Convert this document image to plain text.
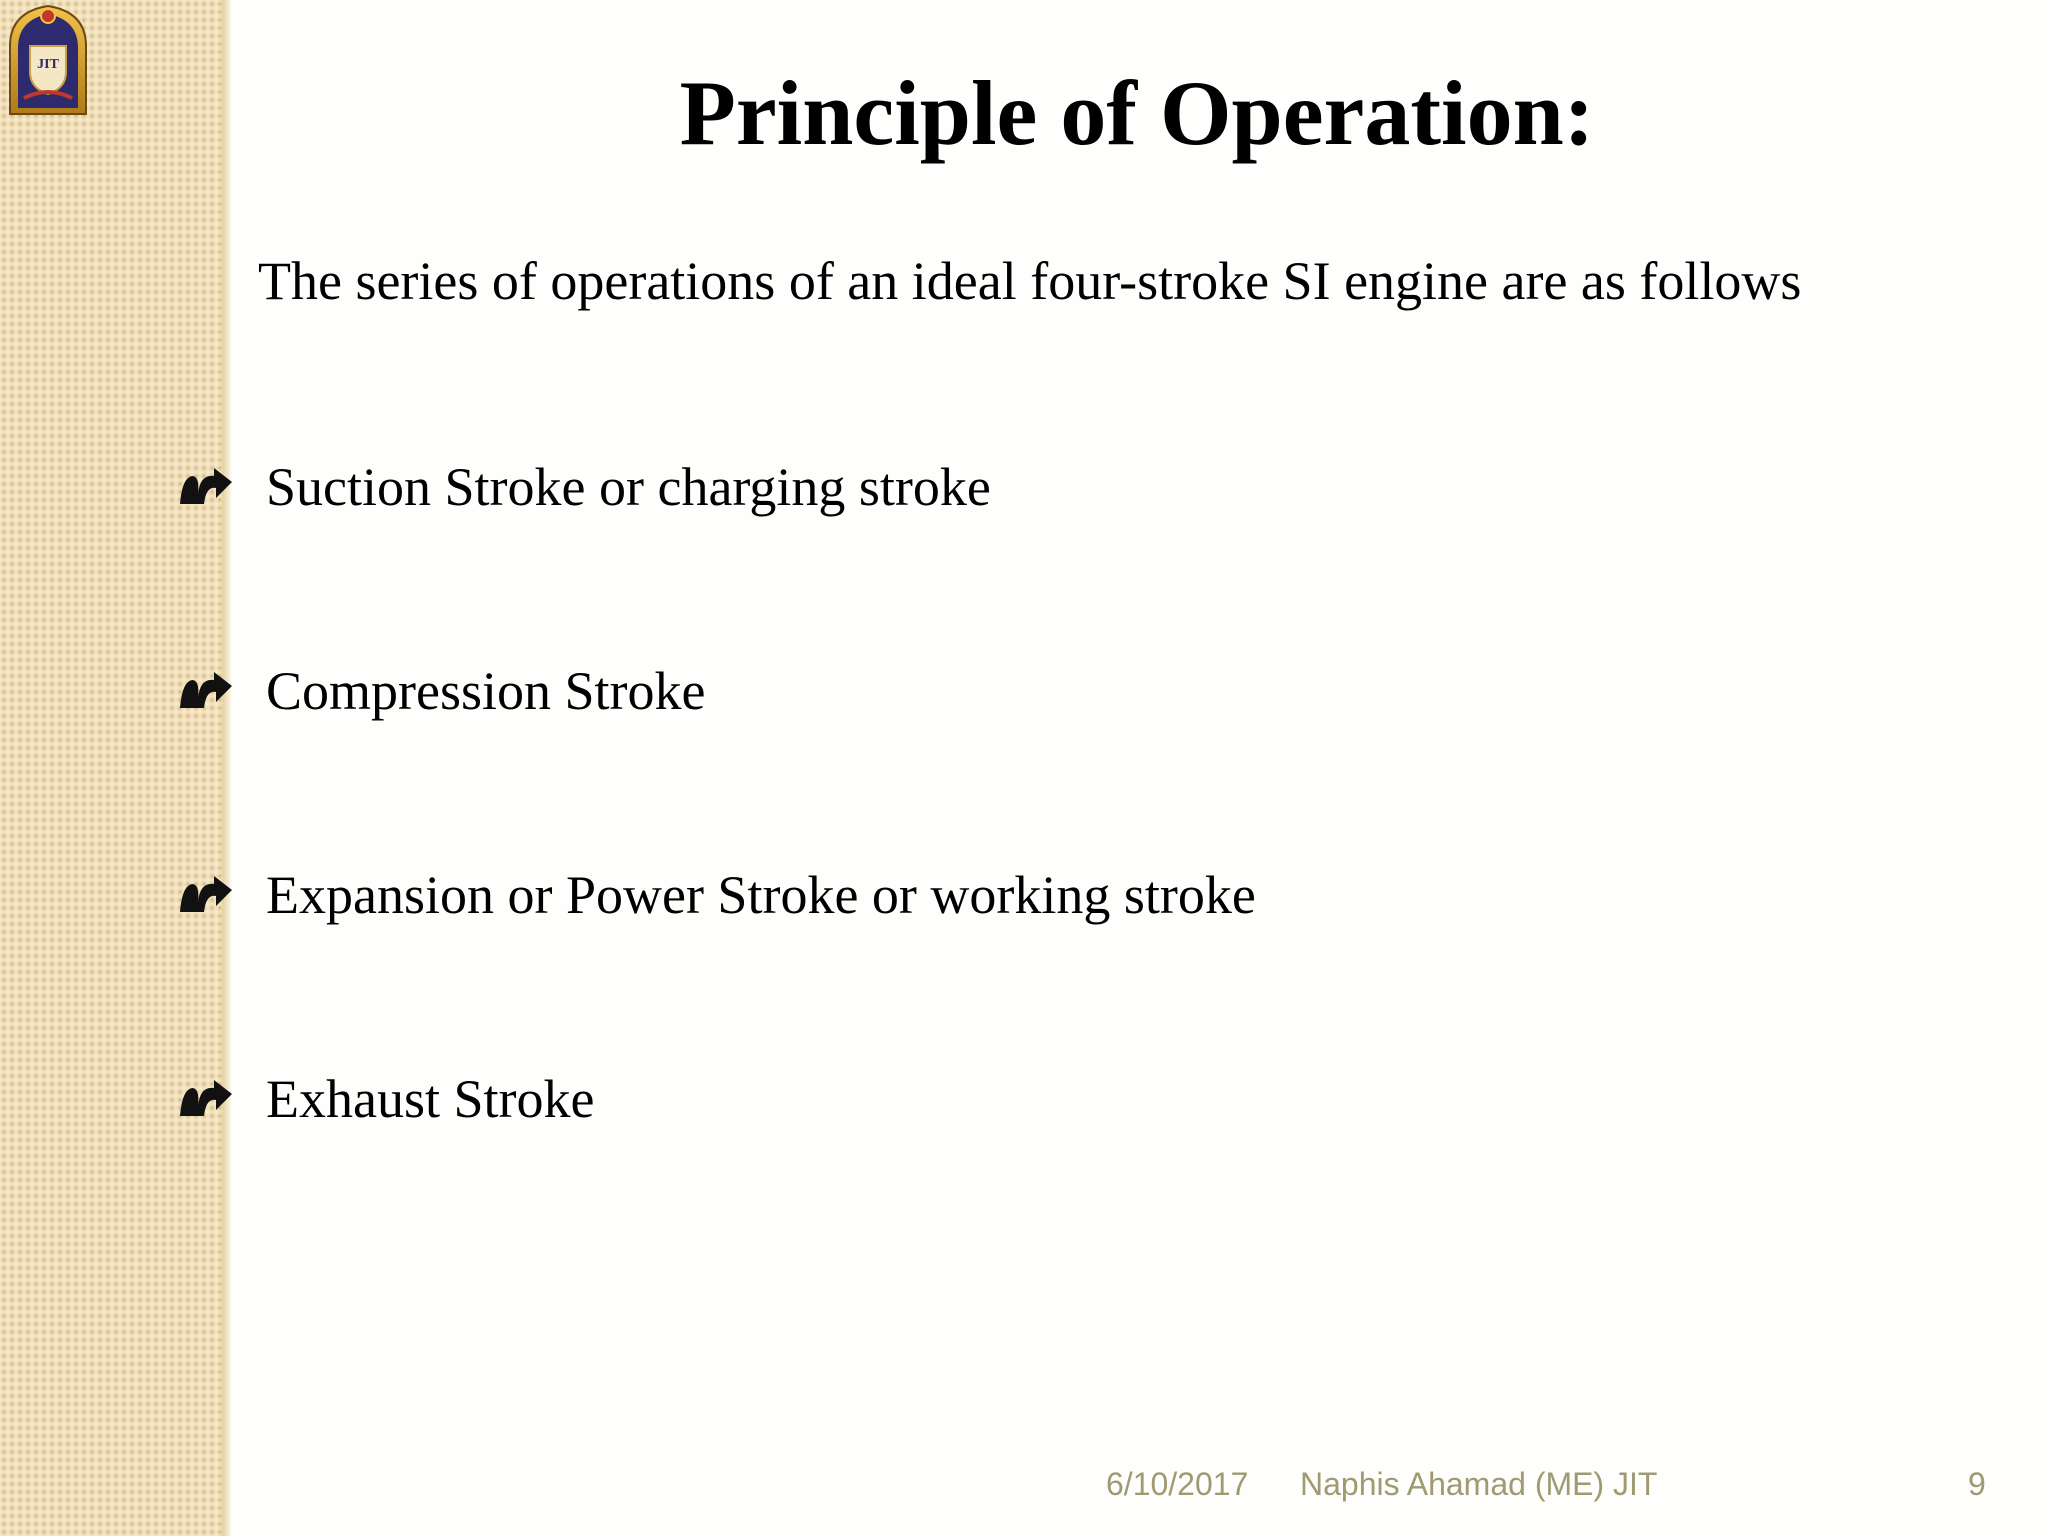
JIT	Principle of Operation:
The series of operations of an ideal four-stroke SI engine are as follows
Suction Stroke or charging stroke
Compression Stroke
Expansion or Power Stroke or working stroke
Exhaust Stroke
6/10/2017 Naphis Ahamad (ME) JIT	9
